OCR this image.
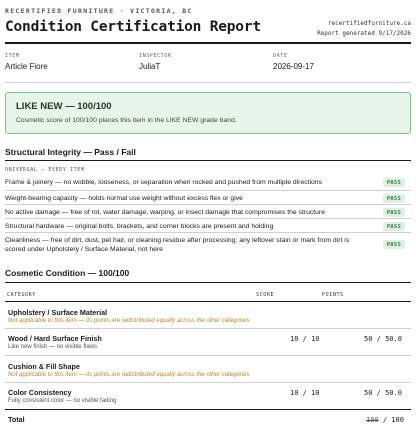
RECERTIFIED FURNITURE · VICTORIA, BC
Condition Certification Report	recertifiedfurniture.ca
Report generated 9/17/2026
ITEM
Article Fiore
INSPECTOR
JuliaT
DATE
2026-09-17
LIKE NEW — 100/100
Cosmetic score of 100/100 places this item in the LIKE NEW grade band.
Structural Integrity — Pass / Fail
UNIVERSAL — EVERY ITEM
Frame & joinery — no wobble, looseness, or separation when rocked and pushed from multiple directions	PASS
Weight-bearing capacity — holds normal use weight without excess flex or give	PASS
No active damage — free of rot, water damage, warping, or insect damage that compromises the structure	PASS
Structural hardware — original bolts, brackets, and corner blocks are present and holding	PASS
Cleanliness — free of dirt, dust, pet hair, or cleaning residue after processing; any leftover stain or mark from dirt is scored under Upholstery / Surface Material, not here
PASS
Cosmetic Condition — 100/100
CATEGORY	SCORE	POINTS
Upholstery / Surface Material
Not applicable to this item — its points are redistributed equally across the other categories
Wood / Hard Surface Finish
Like new finish — no visible flaws
10 / 10	50 / 50.0
Cushion & Fill Shape
Not applicable to this item — its points are redistributed equally across the other categories
Color Consistency
Fully consistent color — no visible fading
10 / 10	50 / 50.0
Total	100 / 100
